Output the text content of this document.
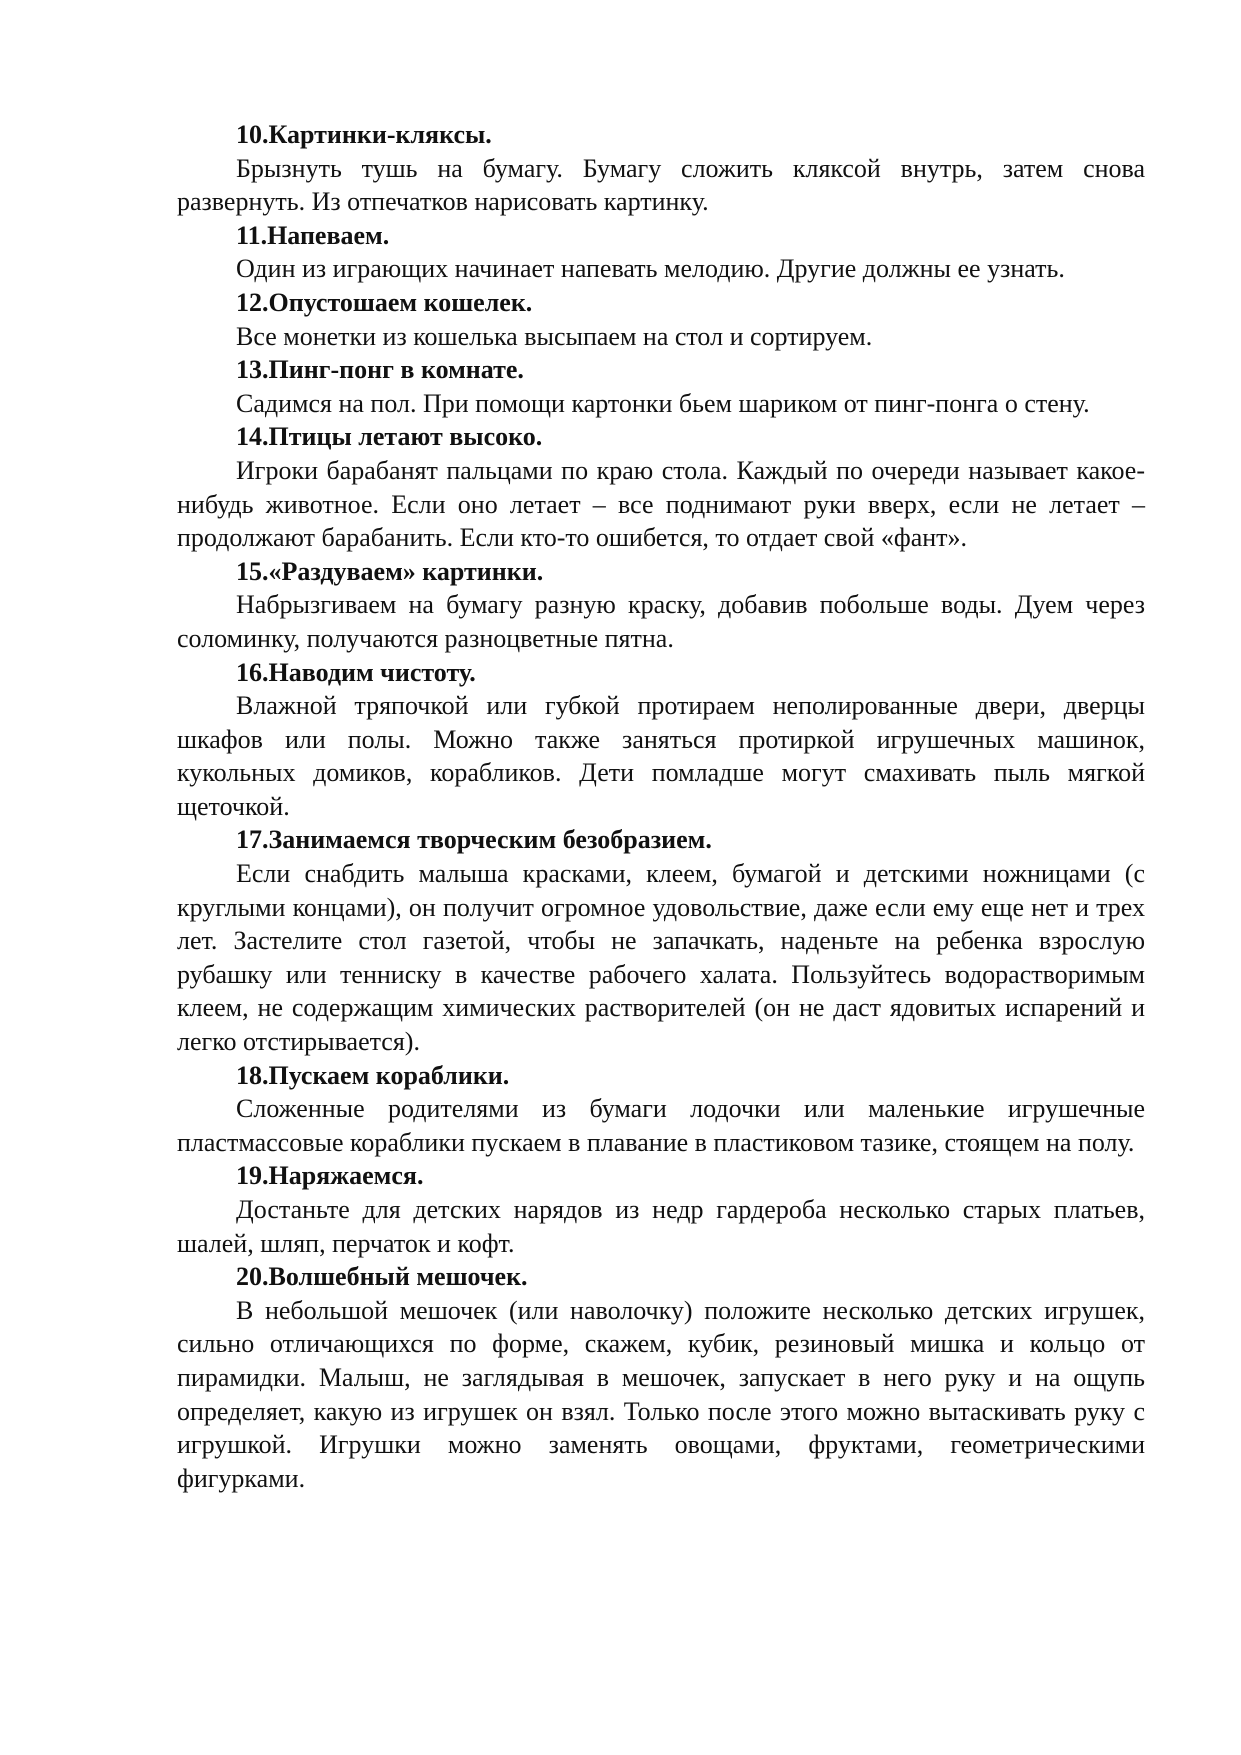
10.Картинки-кляксы.

Брызнуть тушь на бумагу. Бумагу сложить кляксой внутрь, затем снова развернуть. Из отпечатков нарисовать картинку.

11.Напеваем.

Один из играющих начинает напевать мелодию. Другие должны ее узнать.

12.Опустошаем кошелек.

Все монетки из кошелька высыпаем на стол и сортируем.

13.Пинг-понг в комнате.

Садимся на пол. При помощи картонки бьем шариком от пинг-понга о стену.

14.Птицы летают высоко.

Игроки барабанят пальцами по краю стола. Каждый по очереди называет какое-нибудь животное. Если оно летает – все поднимают руки вверх, если не летает – продолжают барабанить. Если кто-то ошибется, то отдает свой «фант».

15.«Раздуваем» картинки.

Набрызгиваем на бумагу разную краску, добавив побольше воды. Дуем через соломинку, получаются разноцветные пятна.

16.Наводим чистоту.

Влажной тряпочкой или губкой протираем неполированные двери, дверцы шкафов или полы. Можно также заняться протиркой игрушечных машинок, кукольных домиков, корабликов. Дети помладше могут смахивать пыль мягкой щеточкой.

17.Занимаемся творческим безобразием.

Если снабдить малыша красками, клеем, бумагой и детскими ножницами (с круглыми концами), он получит огромное удовольствие, даже если ему еще нет и трех лет. Застелите стол газетой, чтобы не запачкать, наденьте на ребенка взрослую рубашку или тенниску в качестве рабочего халата. Пользуйтесь водорастворимым клеем, не содержащим химических растворителей (он не даст ядовитых испарений и легко отстирывается).

18.Пускаем кораблики.

Сложенные родителями из бумаги лодочки или маленькие игрушечные пластмассовые кораблики пускаем в плавание в пластиковом тазике, стоящем на полу.

19.Наряжаемся.

Достаньте для детских нарядов из недр гардероба несколько старых платьев, шалей, шляп, перчаток и кофт.

20.Волшебный мешочек.

В небольшой мешочек (или наволочку) положите несколько детских игрушек, сильно отличающихся по форме, скажем, кубик, резиновый мишка и кольцо от пирамидки. Малыш, не заглядывая в мешочек, запускает в него руку и на ощупь определяет, какую из игрушек он взял. Только после этого можно вытаскивать руку с игрушкой. Игрушки можно заменять овощами, фруктами, геометрическими фигурками.
